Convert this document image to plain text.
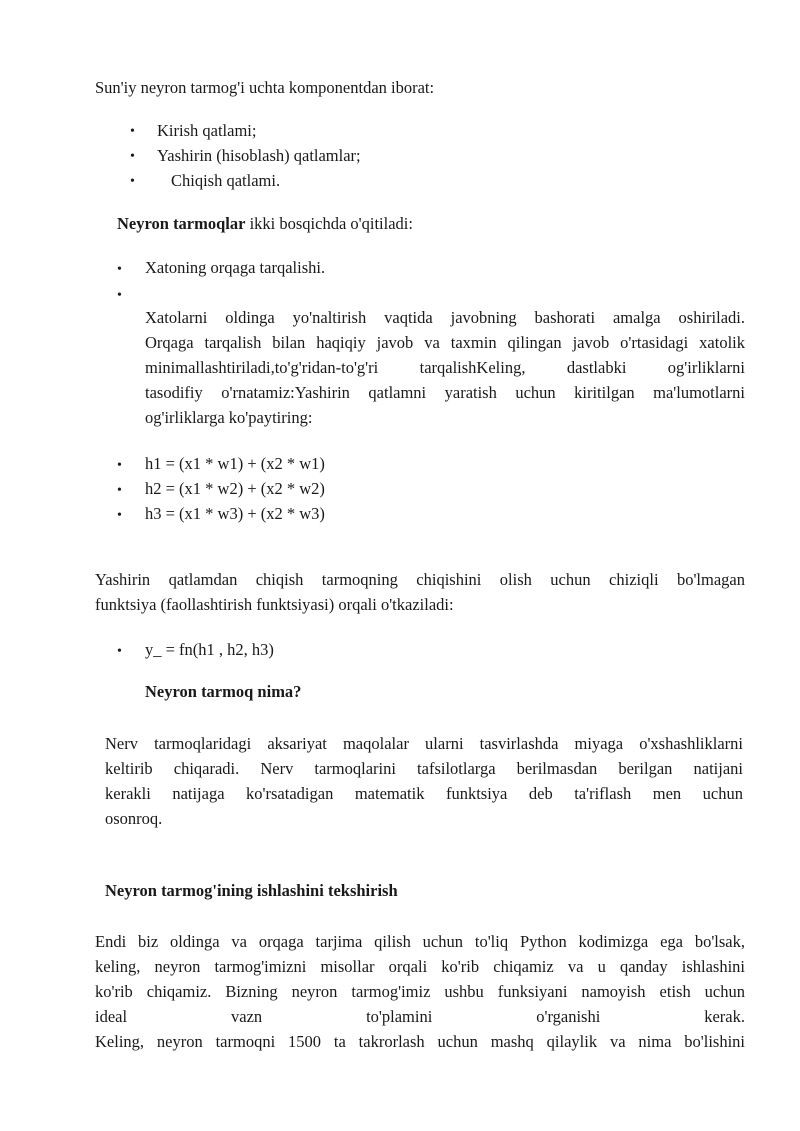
Sun'iy neyron tarmog'i uchta komponentdan iborat:
• Kirish qatlami;
• Yashirin (hisoblash) qatlamlar;
• Chiqish qatlami.
Neyron tarmoqlar ikki bosqichda o'qitiladi:
• Xatoning orqaga tarqalishi.
•
Xatolarni oldinga yo'naltirish vaqtida javobning bashorati amalga oshiriladi.
Orqaga tarqalish bilan haqiqiy javob va taxmin qilingan javob o'rtasidagi xatolik
minimallashtiriladi,to'g'ridan-to'g'ri tarqalishKeling, dastlabki og'irliklarni
tasodifiy o'rnatamiz:Yashirin qatlamni yaratish uchun kiritilgan ma'lumotlarni
og'irliklarga ko'paytiring:
• h1 = (x1 * w1) + (x2 * w1)
• h2 = (x1 * w2) + (x2 * w2)
• h3 = (x1 * w3) + (x2 * w3)
Yashirin qatlamdan chiqish tarmoqning chiqishini olish uchun chiziqli bo'lmagan
funktsiya (faollashtirish funktsiyasi) orqali o'tkaziladi:
• y_ = fn(h1 , h2, h3)
Neyron tarmoq nima?
Nerv tarmoqlaridagi aksariyat maqolalar ularni tasvirlashda miyaga o'xshashliklarni
keltirib chiqaradi. Nerv tarmoqlarini tafsilotlarga berilmasdan berilgan natijani
kerakli natijaga ko'rsatadigan matematik funktsiya deb ta'riflash men uchun
osonroq.
Neyron tarmog'ining ishlashini tekshirish
Endi biz oldinga va orqaga tarjima qilish uchun to'liq Python kodimizga ega bo'lsak,
keling, neyron tarmog'imizni misollar orqali ko'rib chiqamiz va u qanday ishlashini
ko'rib chiqamiz. Bizning neyron tarmog'imiz ushbu funksiyani namoyish etish uchun
ideal vazn to'plamini o'rganishi kerak.
Keling, neyron tarmoqni 1500 ta takrorlash uchun mashq qilaylik va nima bo'lishini
